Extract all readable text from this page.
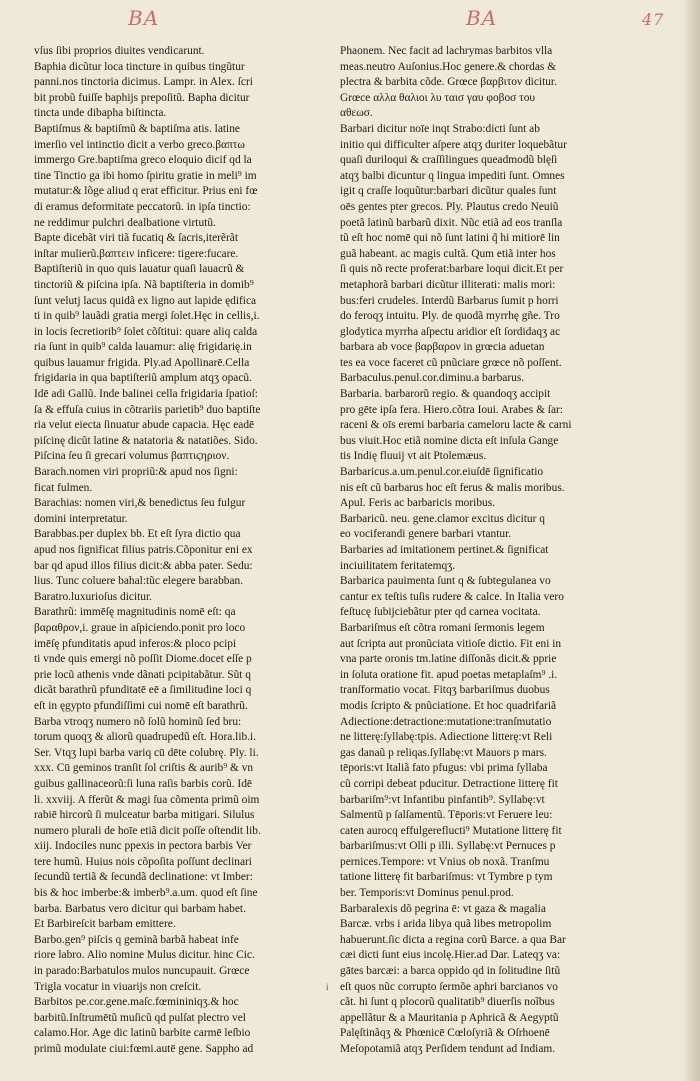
BA	BA	47
vſus ſibi proprios diuites vendicarunt.
Baphia dicũtur loca tincture in quibus tingũtur
panni.nos tinctoria dicimus. Lampr. in Alex. ſcri
bit probũ fuiſſe baphijs prepoſitũ. Bapha dicitur
tincta unde dibapha biſtincta.
Baptiſmus & baptiſmũ & baptiſma atis. latine
imerſio vel intinctio dicit a verbo greco.βαπτω
immergo Gre.baptiſma greco eloquio dicif qd la
tine Tinctio ga ibi homo ſpiritu gratie in meli⁹ im
mutatur:& lõge aliud q erat efficitur. Prius eni fœ
di eramus deformitate peccatorũ. in ipſa tinctio:
ne reddimur pulchri dealbatione virtutũ.
Bapte dicebãt viri tiã fucatiq & ſacris,iterẽrãt
inſtar mulierũ.βαπτειν inficere: tigere:fucare.
Baptiſteriũ in quo quis lauatur quaſi lauacrũ &
tinctoriũ & piſcina ipſa. Nã baptiſteria in domib⁹
ſunt velutj lacus quidã ex ligno aut lapide ędifica
ti in quib⁹ lauãdi gratia mergi ſolet.Hęc in cellis,i.
in locis ſecretiorib⁹ ſolet cõſtitui: quare aliq calda
ria ſunt in quib⁹ calda lauamur: alię frigidarię.in
quibus lauamur frigida. Ply.ad Apollinarē.Cella
frigidaria in qua baptiſteriũ amplum atqʒ opacũ.
Idē adi Gallũ. Inde balinei cella frigidaria ſpatioſ:
ſa & effuſa cuius in cõtrariis parietib⁹ duo baptiſte
ria velut eiecta ſinuatur abude capacia. Hęc eadē
piſcinę dicũt latine & natatoria & natatiões. Sido.
Piſcina ſeu ſi grecari volumus βαπτιϛηριον.
Barach.nomen viri propriũ:& apud nos ſigni:
ficat fulmen.
Barachias: nomen viri,& benedictus ſeu fulgur
domini interpretatur.
Barabbas.per duplex bb. Et eſt ſyra dictio qua
apud nos ſignificat filius patris.Cõponitur eni ex
bar qd apud illos filius dicit:& abba pater. Sedu:
lius. Tunc coluere bahal:tũc elegere barabban.
Baratro.luxurioſus dicitur.
Barathrũ: immēſę magnitudinis nomē eſt: qa
βαραθρον,i. graue in aſpiciendo.ponit pro loco
imēſę pfunditatis apud inferos:& ploco pcipi
ti vnde quis emergi nõ poſſit Diome.docet eſſe p
prie locũ athenis vnde dãnati pcipitabãtur. Sũt q
dicãt barathrũ pfunditatē eē a ſimilitudine loci q
eſt in ęgypto pfundiſſimi cui nomē eſt barathrũ.
Barba vtroqʒ numero nõ ſolũ hominũ ſed bru:
torum quoqʒ & aliorũ quadrupedũ eſt. Hora.lib.i.
Ser. Vtqʒ lupi barba variq cū dēte colubrę. Ply. li.
xxx. Cū geminos tranſit ſol criſtis & aurib⁹ & vn
guibus gallinaceorũ:ſi luna raſis barbis corũ. Idē
li. xxviij. A fferũt & magi ſua cõmenta primũ oim
rabiē hircorũ ſi mulceatur barba mitigari. Silulus
numero plurali de hoīe etiã dicit poſſe oſtendit lib.
xiij. Indociles nunc ppexis in pectora barbis Ver
tere humũ. Huius nois cõpoſita poſſunt declinari
ſecundũ tertiã & ſecundã declinatione: vt Imber:
bis & hoc imberbe:& imberb⁹.a.um. quod eſt ſine
barba. Barbatus vero dicitur qui barbam habet.
Et Barbireſcit barbam emittere.
Barbo.gen⁹ piſcis q geminã barbã habeat infe
riore labro. Alio nomine Mulus dicitur. hinc Cic.
in parado:Barbatulos mulos nuncupauit. Grœce
Trigla vocatur in viuarijs non creſcit.
Barbitos pe.cor.gene.maſc.fœmininiqʒ.& hoc
barbitũ.Inſtrumētũ muſicũ qd pulſat plectro vel
calamo.Hor. Age dic latinũ barbite carmē leſbio
primũ modulate ciui:fœmi.autē gene. Sappho ad
Phaonem. Nec facit ad lachrymas barbitos vlla
meas.neutro Auſonius.Hoc genere.& chordas &
plectra & barbita cõde. Grœce βαρβιτον dicitur.
Grœce αλλα θαλιοι λυ ταισ γαυ φοβοσ του
αθεωσ.
Barbari dicitur noīe inqt Strabo:dicti ſunt ab
initio qui difficulter aſpere atqʒ duriter loquebãtur
quaſi duriloqui & craſſilingues queadmodũ blęſi
atqʒ balbi dicuntur q lingua impediti ſunt. Omnes
igit q craſſe loquũtur:barbari dicũtur quales ſunt
oēs gentes pter grecos. Ply. Plautus credo Neuiũ
poetã latinũ barbarũ dixit. Nũc etiã ad eos tranſla
tũ eſt hoc nomē qui nõ ſunt latini q̃ hi mitiorē lin
guã habeant. ac magis cultã. Qum etiã inter hos
ſi quis nõ recte proferat:barbare loqui dicit.Et per
metaphorã barbari dicũtur illiterati: malis mori:
bus:feri crudeles. Interdũ Barbarus ſumit p horri
do feroqʒ intuitu. Ply. de quodã myrrhę gñe. Tro
glodytica myrrha aſpectu aridior eſt ſordidaqʒ ac
barbara ab voce βαρβαρον in grœcia aduetan
tes ea voce faceret cũ pnũciare grœce nõ poſſent.
Barbaculus.penul.cor.diminu.a barbarus.
Barbaria. barbarorũ regio. & quandoqʒ accipit
pro gēte ipſa fera. Hiero.cõtra Ioui. Arabes & ſar:
raceni & oīs eremi barbaria cameloru lacte & carni
bus viuit.Hoc etiã nomine dicta eſt inſula Gange
tis Indię fluuij vt ait Ptolemæus.
Barbaricus.a.um.penul.cor.eiuſdē ſignificatio
nis eſt cũ barbarus hoc eſt ferus & malis moribus.
Apul. Feris ac barbaricis moribus.
Barbaricũ. neu. gene.clamor excitus dicitur q
eo vociferandi genere barbari vtantur.
Barbaries ad imitationem pertinet.& ſignificat
inciuilitatem feritatemqʒ.
Barbarica pauimenta ſunt q & ſubtegulanea vo
cantur ex teſtis tuſis rudere & calce. In Italia vero
feſtucę ſubijciebãtur pter qd carnea vocitata.
Barbariſmus eſt cõtra romani ſermonis legem
aut ſcripta aut pronũciata vitioſe dictio. Fit eni in
vna parte oronis tm.latine diſſonãs dicit.& pprie
in ſoluta oratione fit. apud poetas metaplaſm⁹ .i.
tranſformatio vocat. Fitqʒ barbariſmus duobus
modis ſcripto & pnũciatione. Et hoc quadrifariã
Adiectione:detractione:mutatione:tranſmutatio
ne litterę:ſyllabę:tpis. Adiectione litterę:vt Reli
gas danaũ p reliqas.ſyllabę:vt Mauors p mars.
tēporis:vt Italiã fato pfugus: vbi prima ſyllaba
cũ corripi debeat pducitur. Detractione litterę fit
barbariſm⁹:vt Infantibu pinfantib⁹. Syllabę:vt
Salmentũ p ſalſamentũ. Tēporis:vt Feruere leu:
caten aurocq effulgereflucti⁹ Mutatione litterę fit
barbariſmus:vt Olli p illi. Syllabę:vt Pernuces p
pernices.Tempore: vt Vnius ob noxã. Tranſmu
tatione litterę fit barbariſmus: vt Tymbre p tym
ber. Temporis:vt Dominus penul.prod.
Barbaralexis dõ pegrina ē: vt gaza & magalia
Barcæ. vrbs i arida libya quã libes metropolim
habuerunt.ſic dicta a regina corũ Barce. a qua Bar
cæi dicti ſunt eius incolę.Hier.ad Dar. Lateqʒ va:
gātes barcæi: a barca oppido qd in ſolitudine ſitũ
eſt quos nũc corrupto ſermõe aphri barcianos vo
cãt. hi ſunt q plocorũ qualitatib⁹ diuerſis noĩbus
appellãtur & a Mauritania p Aphricã & Aegyptũ
Palęſtinãqʒ & Phœnicē Cœloſyriã & Oſrhoenē
Meſopotamiã atqʒ Perſidem tendunt ad Indiam.
i
